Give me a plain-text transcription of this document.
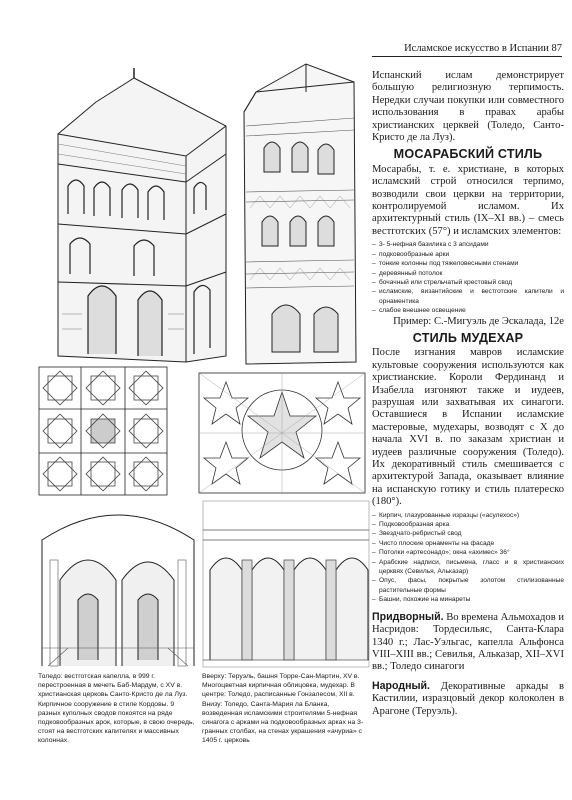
Исламское искусство в Испании 87

Испанский ислам демонстрирует большую религиозную терпимость. Нередки случаи покупки или совместного использования в правах арабы христианских церквей (Толедо, Санто-Кристо де ла Луз).

МОСАРАБСКИЙ СТИЛЬ

Мосарабы, т. е. христиане, в которых исламский строй относился терпимо, возводили свои церкви на территории, контролируемой исламом. Их архитектурный стиль (IX–XI вв.) – смесь вестготских (57°) и исламских элементов:

– 3- 5-нефная базилика с 3 апсидами
– подковообразные арки
– тонкие колонны под тяжеловесными стенами
– деревянный потолок
– бочачный или стрельчатый крестовый свод
– исламские, византийские и вестготские капители и орнаментика
– слабое внешнее освещение

Пример: С.-Мигуэль де Эскалада, 12e

СТИЛЬ МУДЕХАР

После изгнания мавров исламские культовые сооружения используются как христианские. Короли Фердинанд и Изабелла изгоняют также и иудеев, разрушая или захватывая их синагоги. Оставшиеся в Испании исламские мастеровые, мудехары, возводят с Х до начала XVI в. по заказам христиан и иудеев различные сооружения (Толедо). Их декоративный стиль смешивается с архитектурой Запада, оказывает влияние на испанскую готику и стиль платереско (180°).

– Кирпич, глазурованные изразцы («асулехос»)
– Подковообразная арка
– Звездчато-ребристый свод
– Чисто плоские орнаменты на фасаде
– Потолки «артесонадо»; окна «ахимес» 36°
– Арабские надписи, письмена, гласс и в христианских церквях (Севилья, Альказар)
– Опус, фасы, покрытые золотом стилизованные растительные формы
– Башни, похожие на минареты

Придворный. Во времена Альмохадов и Насридов: Тордесильяс, Санта-Клара 1340 г.; Лас-Уэльгас, капелла Альфонса VIII–XIII вв.; Севилья, Альказар, XII–XVI вв.; Толедо синагоги

Народный. Декоративные аркады в Кастилии, изразцовый декор колоколен в Арагоне (Теруэль).

Толедо: вестготская капелла, в 999 г. перестроенная в мечеть Баб-Мардум, с XV в. христианская церковь Санто-Кристо де ла Луз. Кирпичное сооружение в стиле Кордовы. 9 разных куполных сводов покоятся на ряде подковообразных арок, которые, в свою очередь, стоят на вестготских капителях и массивных колоннах.
Вверху: Теруэль, башня Торре-Сан-Мартин, XV в. Многоцветная кирпичная облицовка, мудехар. В центре: Толедо, расписанные Гонзалесом, XII в. Внизу: Толедо, Санта-Мария ла Бланка, возведенная исламскими строителями 5-нефная синагога с арками на подковообразных арках на 3-гранных столбах, на стенах украшения «ачуриа» с 1405 г. церковь
